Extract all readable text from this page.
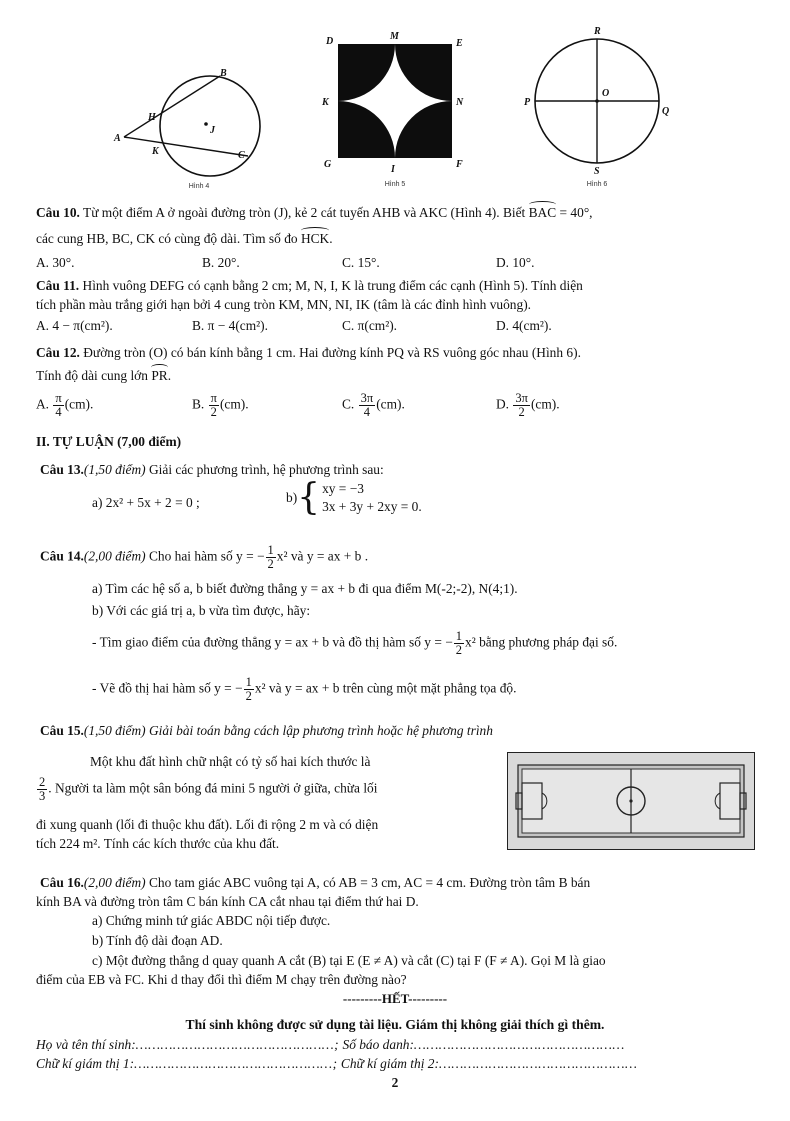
A
H
B
K	C
J
Hình 4
D	M
E
K	N
G	I	F
Hình 5
R
O
P
Q
S
Hình 6
Câu 10. Từ một điểm A ở ngoài đường tròn (J), kẻ 2 cát tuyến AHB và AKC (Hình 4). Biết BAC = 40°,
các cung HB, BC, CK có cùng độ dài. Tìm số đo HCK.
A. 30°.	B. 20°.	C. 15°.	D. 10°.
Câu 11. Hình vuông DEFG có cạnh bằng 2 cm; M, N, I, K là trung điểm các cạnh (Hình 5). Tính diện
tích phần màu trắng giới hạn bởi 4 cung tròn KM, MN, NI, IK (tâm là các đỉnh hình vuông).
A. 4 − π(cm²).	B. π − 4(cm²).	C. π(cm²).	D. 4(cm²).
Câu 12. Đường tròn (O) có bán kính bằng 1 cm. Hai đường kính PQ và RS vuông góc nhau (Hình 6).
Tính độ dài cung lớn PR.
A. $\frac{\pi}{4} (cm)$.	B. $\frac{\pi}{2} (cm)$.	C. $\frac{3\pi}{4} (cm)$.	D. $\frac{3\pi}{2} (cm)$.
II. TỰ LUẬN (7,00 điểm)
Câu 13.(1,50 điểm) Giải các phương trình, hệ phương trình sau:
a) 2x² + 5x + 2 = 0 ;	b) { xy = −3
3x + 3y + 2xy = 0.
Câu 14.(2,00 điểm) Cho hai hàm số y = − $\frac{1}{2} x^2$ và y = ax + b .
a) Tìm các hệ số a, b biết đường thẳng y = ax + b đi qua điểm M(-2;-2), N(4;1).
b) Với các giá trị a, b vừa tìm được, hãy:
- Tìm giao điểm của đường thẳng y = ax + b và đồ thị hàm số y = − $\frac{1}{2} x^2$ bằng phương pháp đại số.
- Vẽ đồ thị hai hàm số y = − $\frac{1}{2} x^2$ và y = ax + b trên cùng một mặt phẳng tọa độ.
Câu 15.(1,50 điểm) Giải bài toán bằng cách lập phương trình hoặc hệ phương trình
Một khu đất hình chữ nhật có tỷ số hai kích thước là
$\frac{2}{3}$ . Người ta làm một sân bóng đá mini 5 người ở giữa, chừa lối
đi xung quanh (lối đi thuộc khu đất). Lối đi rộng 2 m và có diện
tích 224 m². Tính các kích thước của khu đất.
Câu 16.(2,00 điểm) Cho tam giác ABC vuông tại A, có AB = 3 cm, AC = 4 cm. Đường tròn tâm B bán
kính BA và đường tròn tâm C bán kính CA cắt nhau tại điểm thứ hai D.
a) Chứng minh tứ giác ABDC nội tiếp được.
b) Tính độ dài đoạn AD.
c) Một đường thẳng d quay quanh A cắt (B) tại E (E ≠ A) và cắt (C) tại F (F ≠ A). Gọi M là giao
điểm của EB và FC. Khi d thay đổi thì điểm M chạy trên đường nào?
---------HẾT---------
Thí sinh không được sử dụng tài liệu. Giám thị không giải thích gì thêm.
Họ và tên thí sinh:…………………………………………; Số báo danh:……………………………………………
Chữ kí giám thị 1:…………………………………………; Chữ kí giám thị 2:…………………………………………
2
